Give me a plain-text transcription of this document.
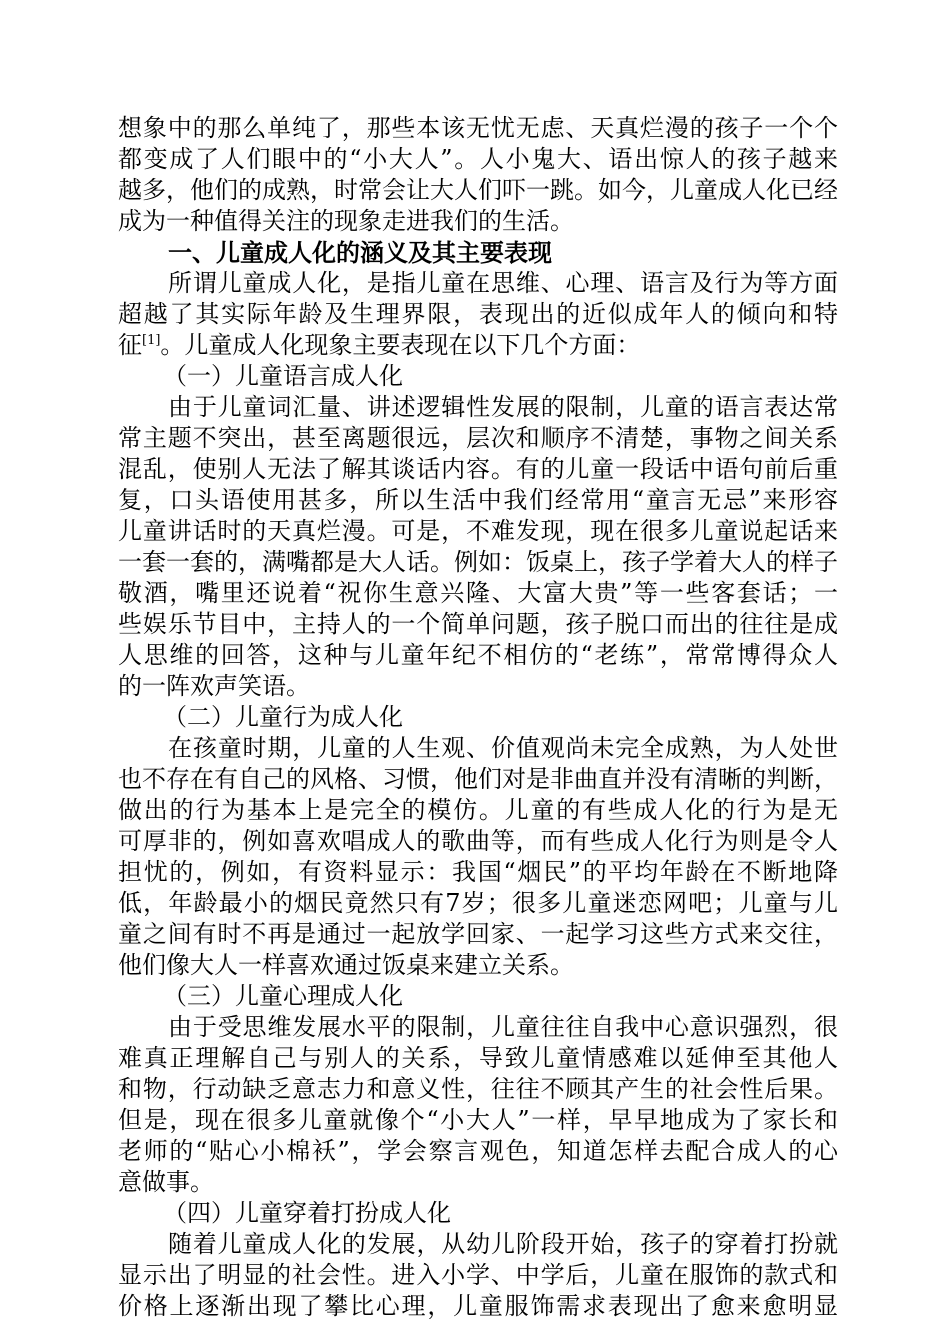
想象中的那么单纯了，那些本该无忧无虑、天真烂漫的孩子一个个
都变成了人们眼中的“小大人”。人小鬼大、语出惊人的孩子越来
越多，他们的成熟，时常会让大人们吓一跳。如今，儿童成人化已经
成为一种值得关注的现象走进我们的生活。
一、儿童成人化的涵义及其主要表现
所谓儿童成人化，是指儿童在思维、心理、语言及行为等方面
超越了其实际年龄及生理界限，表现出的近似成年人的倾向和特
征[1]。儿童成人化现象主要表现在以下几个方面：
（一）儿童语言成人化
由于儿童词汇量、讲述逻辑性发展的限制，儿童的语言表达常
常主题不突出，甚至离题很远，层次和顺序不清楚，事物之间关系
混乱，使别人无法了解其谈话内容。有的儿童一段话中语句前后重
复，口头语使用甚多，所以生活中我们经常用“童言无忌”来形容
儿童讲话时的天真烂漫。可是，不难发现，现在很多儿童说起话来
一套一套的，满嘴都是大人话。例如：饭桌上，孩子学着大人的样子
敬酒，嘴里还说着“祝你生意兴隆、大富大贵”等一些客套话；一
些娱乐节目中，主持人的一个简单问题，孩子脱口而出的往往是成
人思维的回答，这种与儿童年纪不相仿的“老练”，常常博得众人
的一阵欢声笑语。
（二）儿童行为成人化
在孩童时期，儿童的人生观、价值观尚未完全成熟，为人处世
也不存在有自己的风格、习惯，他们对是非曲直并没有清晰的判断，
做出的行为基本上是完全的模仿。儿童的有些成人化的行为是无
可厚非的，例如喜欢唱成人的歌曲等，而有些成人化行为则是令人
担忧的，例如，有资料显示：我国“烟民”的平均年龄在不断地降
低，年龄最小的烟民竟然只有7岁；很多儿童迷恋网吧；儿童与儿
童之间有时不再是通过一起放学回家、一起学习这些方式来交往，
他们像大人一样喜欢通过饭桌来建立关系。
（三）儿童心理成人化
由于受思维发展水平的限制，儿童往往自我中心意识强烈，很
难真正理解自己与别人的关系，导致儿童情感难以延伸至其他人
和物，行动缺乏意志力和意义性，往往不顾其产生的社会性后果。
但是，现在很多儿童就像个“小大人”一样，早早地成为了家长和
老师的“贴心小棉袄”，学会察言观色，知道怎样去配合成人的心
意做事。
（四）儿童穿着打扮成人化
随着儿童成人化的发展，从幼儿阶段开始，孩子的穿着打扮就
显示出了明显的社会性。进入小学、中学后，儿童在服饰的款式和
价格上逐渐出现了攀比心理，儿童服饰需求表现出了愈来愈明显
